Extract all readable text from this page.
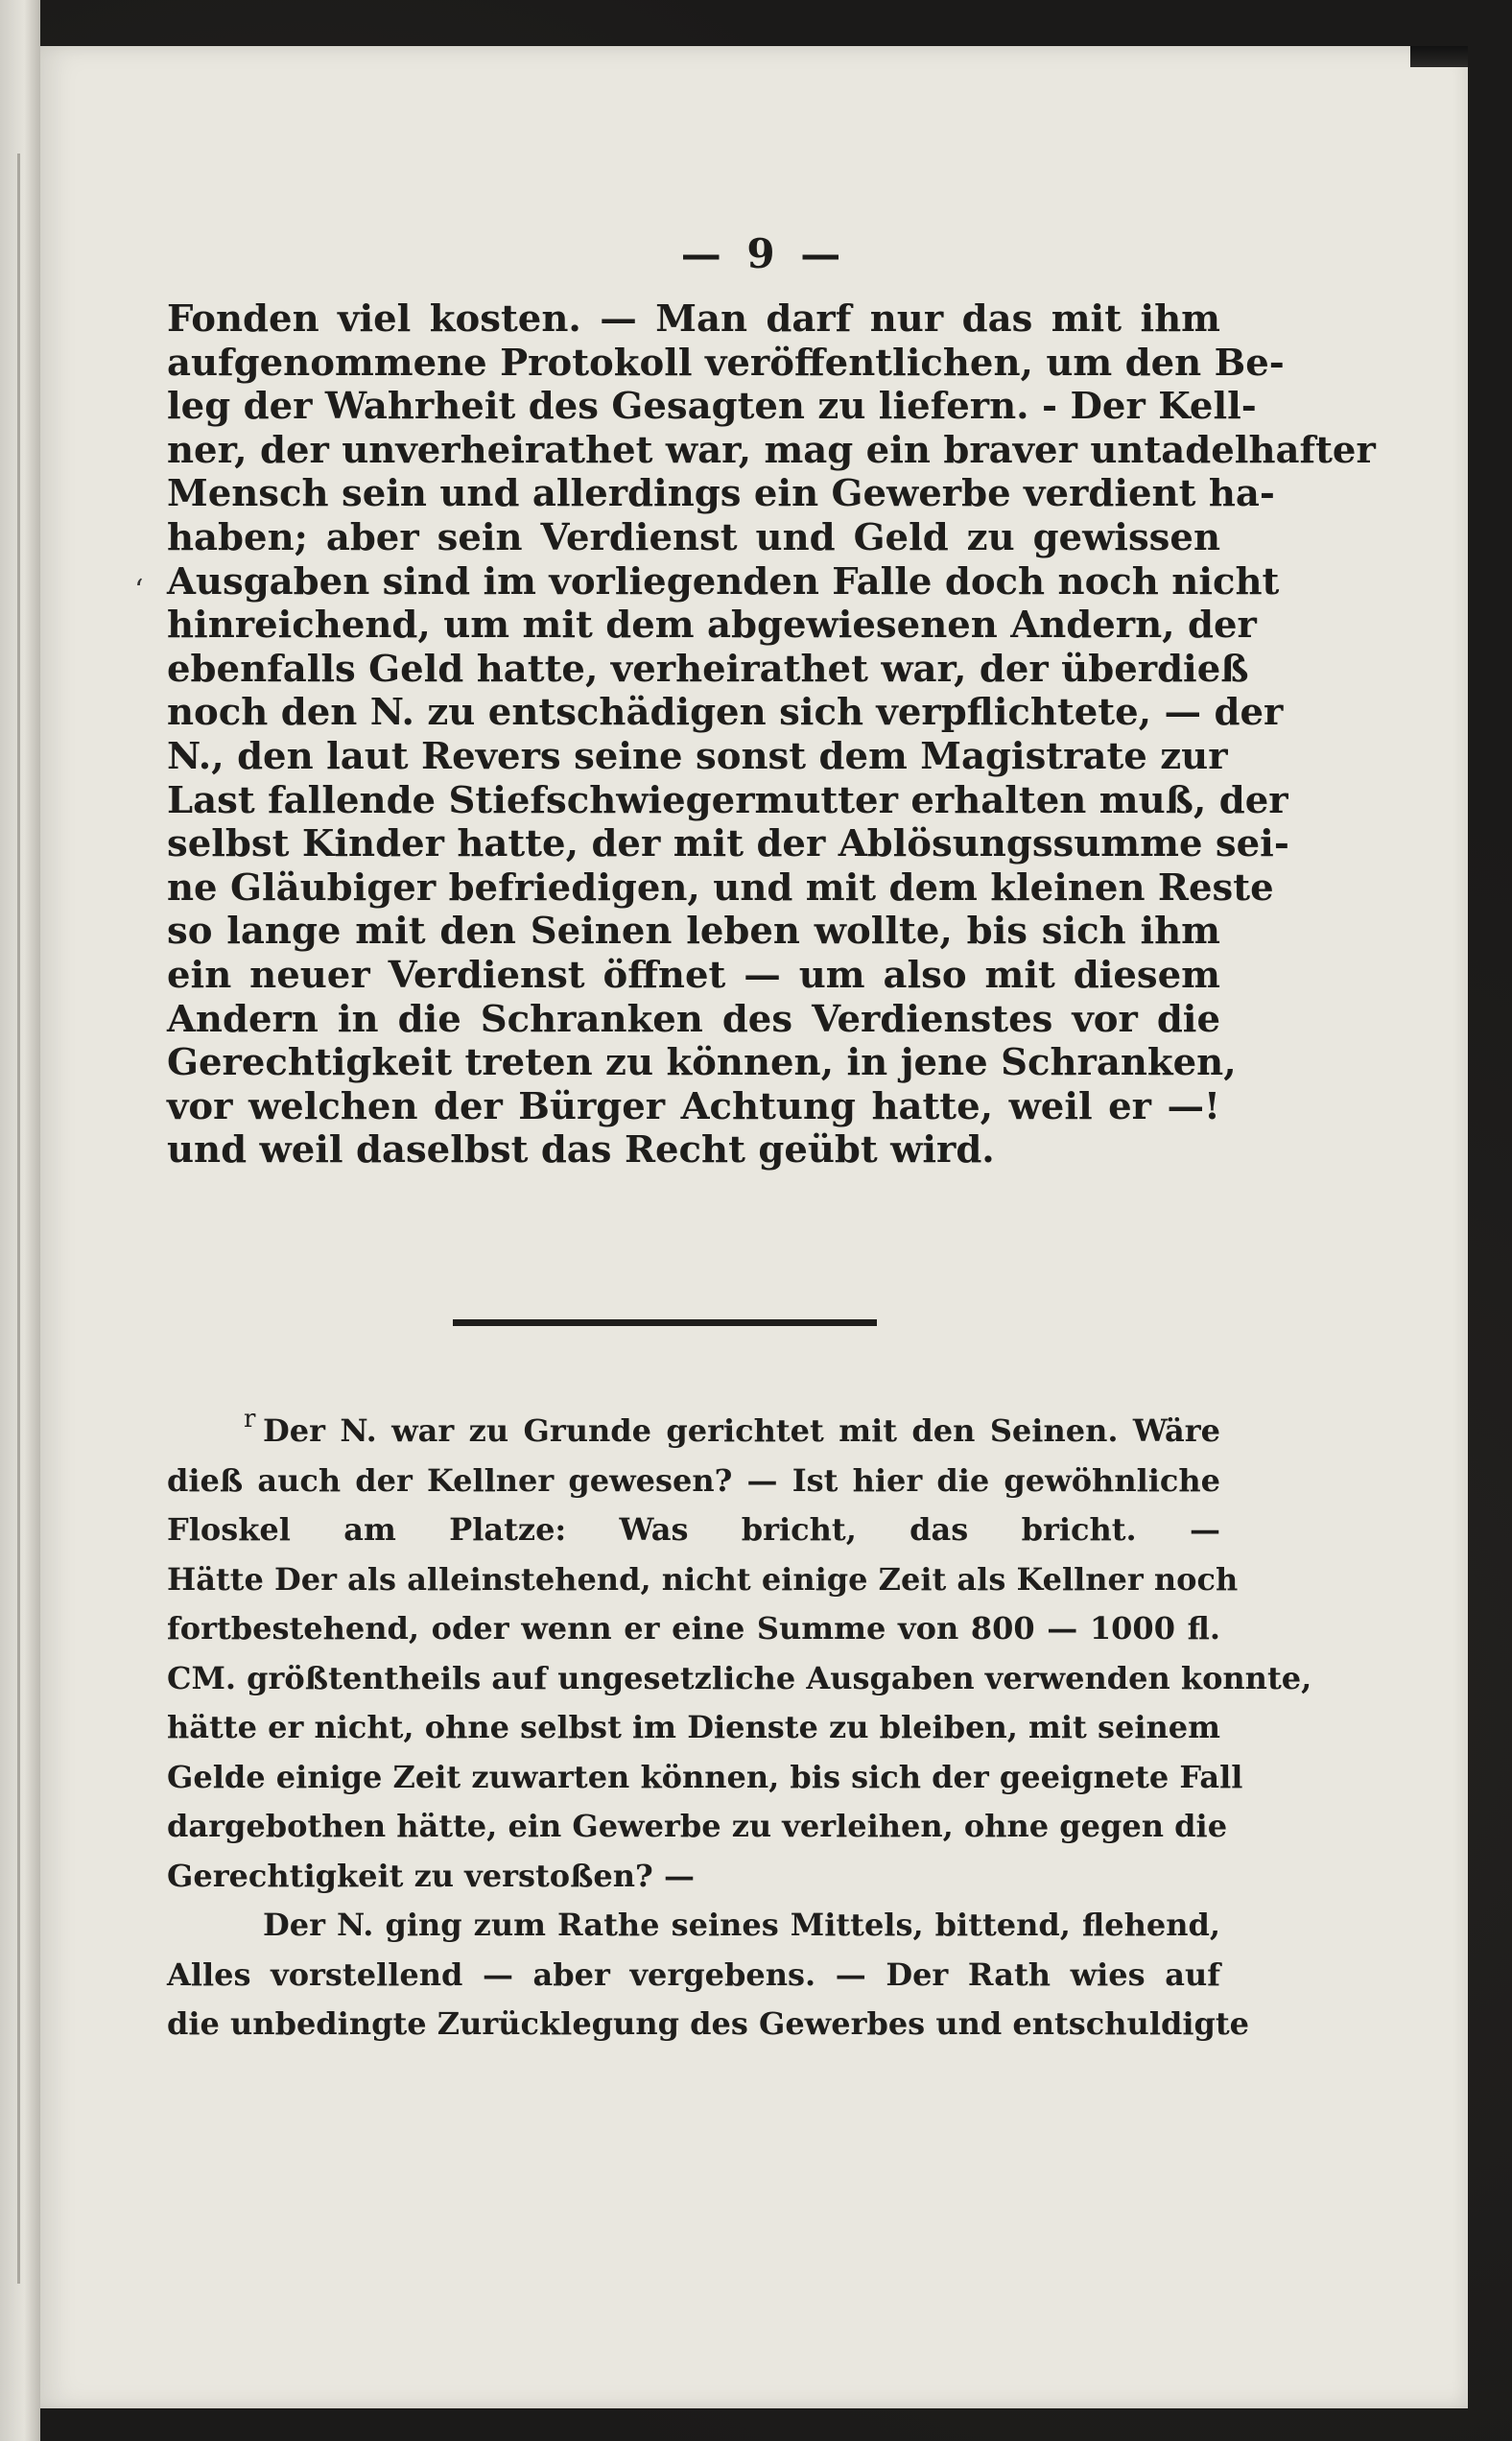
— 9 —
‘
Fonden viel kosten. — Man darf nur das mit ihm
aufgenommene Protokoll veröffentlichen, um den Be-
leg der Wahrheit des Gesagten zu liefern. - Der Kell-
ner, der unverheirathet war, mag ein braver untadelhafter
Mensch sein und allerdings ein Gewerbe verdient ha-
haben; aber sein Verdienst und Geld zu gewissen
Ausgaben sind im vorliegenden Falle doch noch nicht
hinreichend, um mit dem abgewiesenen Andern, der
ebenfalls Geld hatte, verheirathet war, der überdieß
noch den N. zu entschädigen sich verpflichtete, — der
N., den laut Revers seine sonst dem Magistrate zur
Last fallende Stiefschwiegermutter erhalten muß, der
selbst Kinder hatte, der mit der Ablösungssumme sei-
ne Gläubiger befriedigen, und mit dem kleinen Reste
so lange mit den Seinen leben wollte, bis sich ihm
ein neuer Verdienst öffnet — um also mit diesem
Andern in die Schranken des Verdienstes vor die
Gerechtigkeit treten zu können, in jene Schranken,
vor welchen der Bürger Achtung hatte, weil er —!
und weil daselbst das Recht geübt wird.
r Der N. war zu Grunde gerichtet mit den Seinen. Wäre
dieß auch der Kellner gewesen? — Ist hier die gewöhnliche
Floskel am Platze: Was bricht, das bricht. —
Hätte Der als alleinstehend, nicht einige Zeit als Kellner noch
fortbestehend, oder wenn er eine Summe von 800 — 1000 fl.
CM. größtentheils auf ungesetzliche Ausgaben verwenden konnte,
hätte er nicht, ohne selbst im Dienste zu bleiben, mit seinem
Gelde einige Zeit zuwarten können, bis sich der geeignete Fall
dargebothen hätte, ein Gewerbe zu verleihen, ohne gegen die
Gerechtigkeit zu verstoßen? —
Der N. ging zum Rathe seines Mittels, bittend, flehend,
Alles vorstellend — aber vergebens. — Der Rath wies auf
die unbedingte Zurücklegung des Gewerbes und entschuldigte
